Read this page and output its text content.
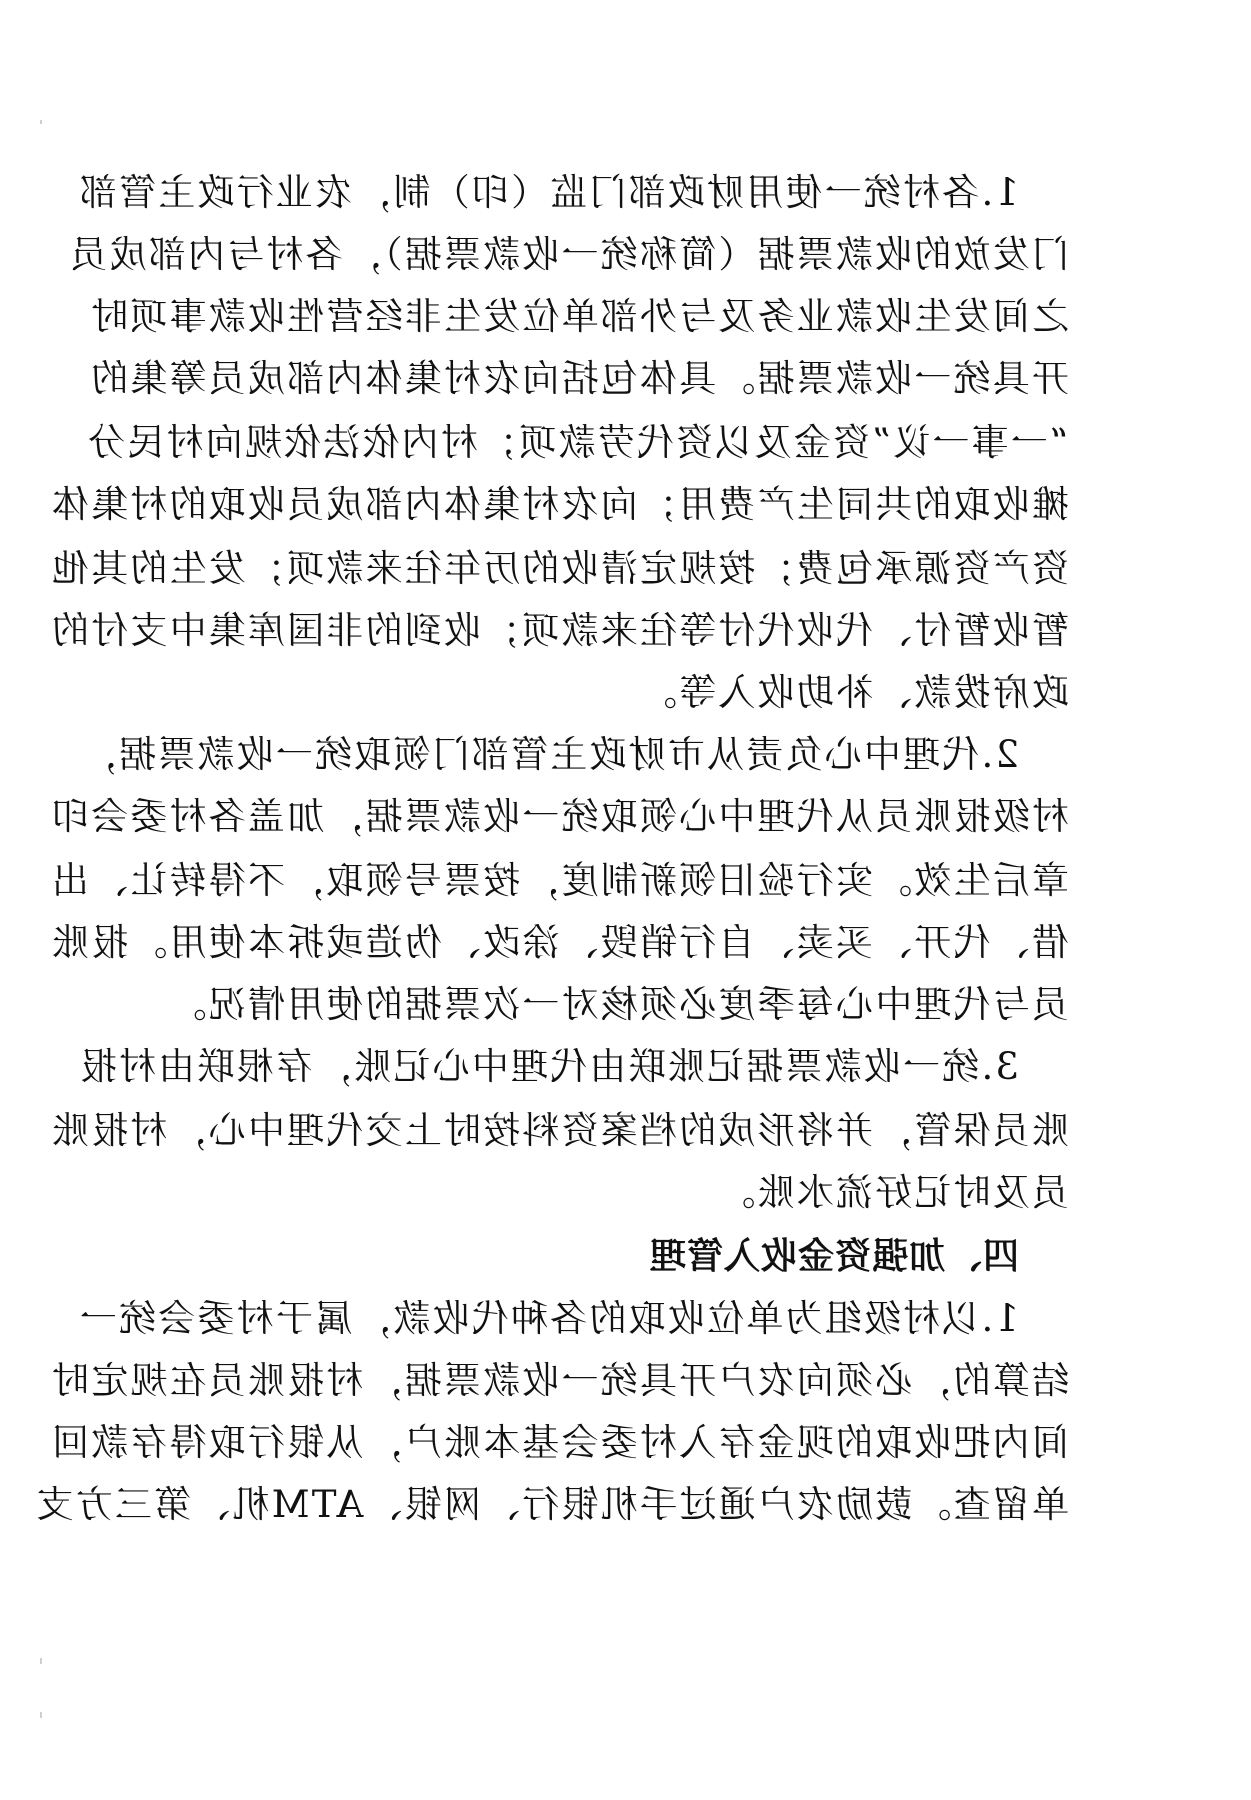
1.各村统一使用财政部门监（印）制，农业行政主管部
门发放的收款票据（简称统一收款票据），各村与内部成员
之间发生收款业务及与外部单位发生非经营性收款事项时
开具统一收款票据。具体包括向农村集体内部成员筹集的
“一事一议”资金及以资代劳款项；村内依法依规向村民分
摊收取的共同生产费用；向农村集体内部成员收取的村集体
资产资源承包费；按规定清收的历年往来款项；发生的其他
暂收暂付、代收代付等往来款项；收到的非国库集中支付的
政府拨款、补助收入等。
2.代理中心负责从市财政主管部门领取统一收款票据，
村级报账员从代理中心领取统一收款票据，加盖各村委会印
章后生效。实行验旧领新制度，按票号领取，不得转让、出
借、代开、买卖、自行销毁、涂改、伪造或拆本使用。报账
员与代理中心每季度必须核对一次票据的使用情况。
3.统一收款票据记账联由代理中心记账，存根联由村报
账员保管，并将形成的档案资料按时上交代理中心，村报账
员及时记好流水账。
四、加强资金收入管理
1.以村级组为单位收取的各种代收款，属于村委会统一
结算的，必须向农户开具统一收款票据，村报账员在规定时
间内把收取的现金存入村委会基本账户，从银行取得存款回
单留查。鼓励农户通过手机银行、网银、ATM机、第三方支
